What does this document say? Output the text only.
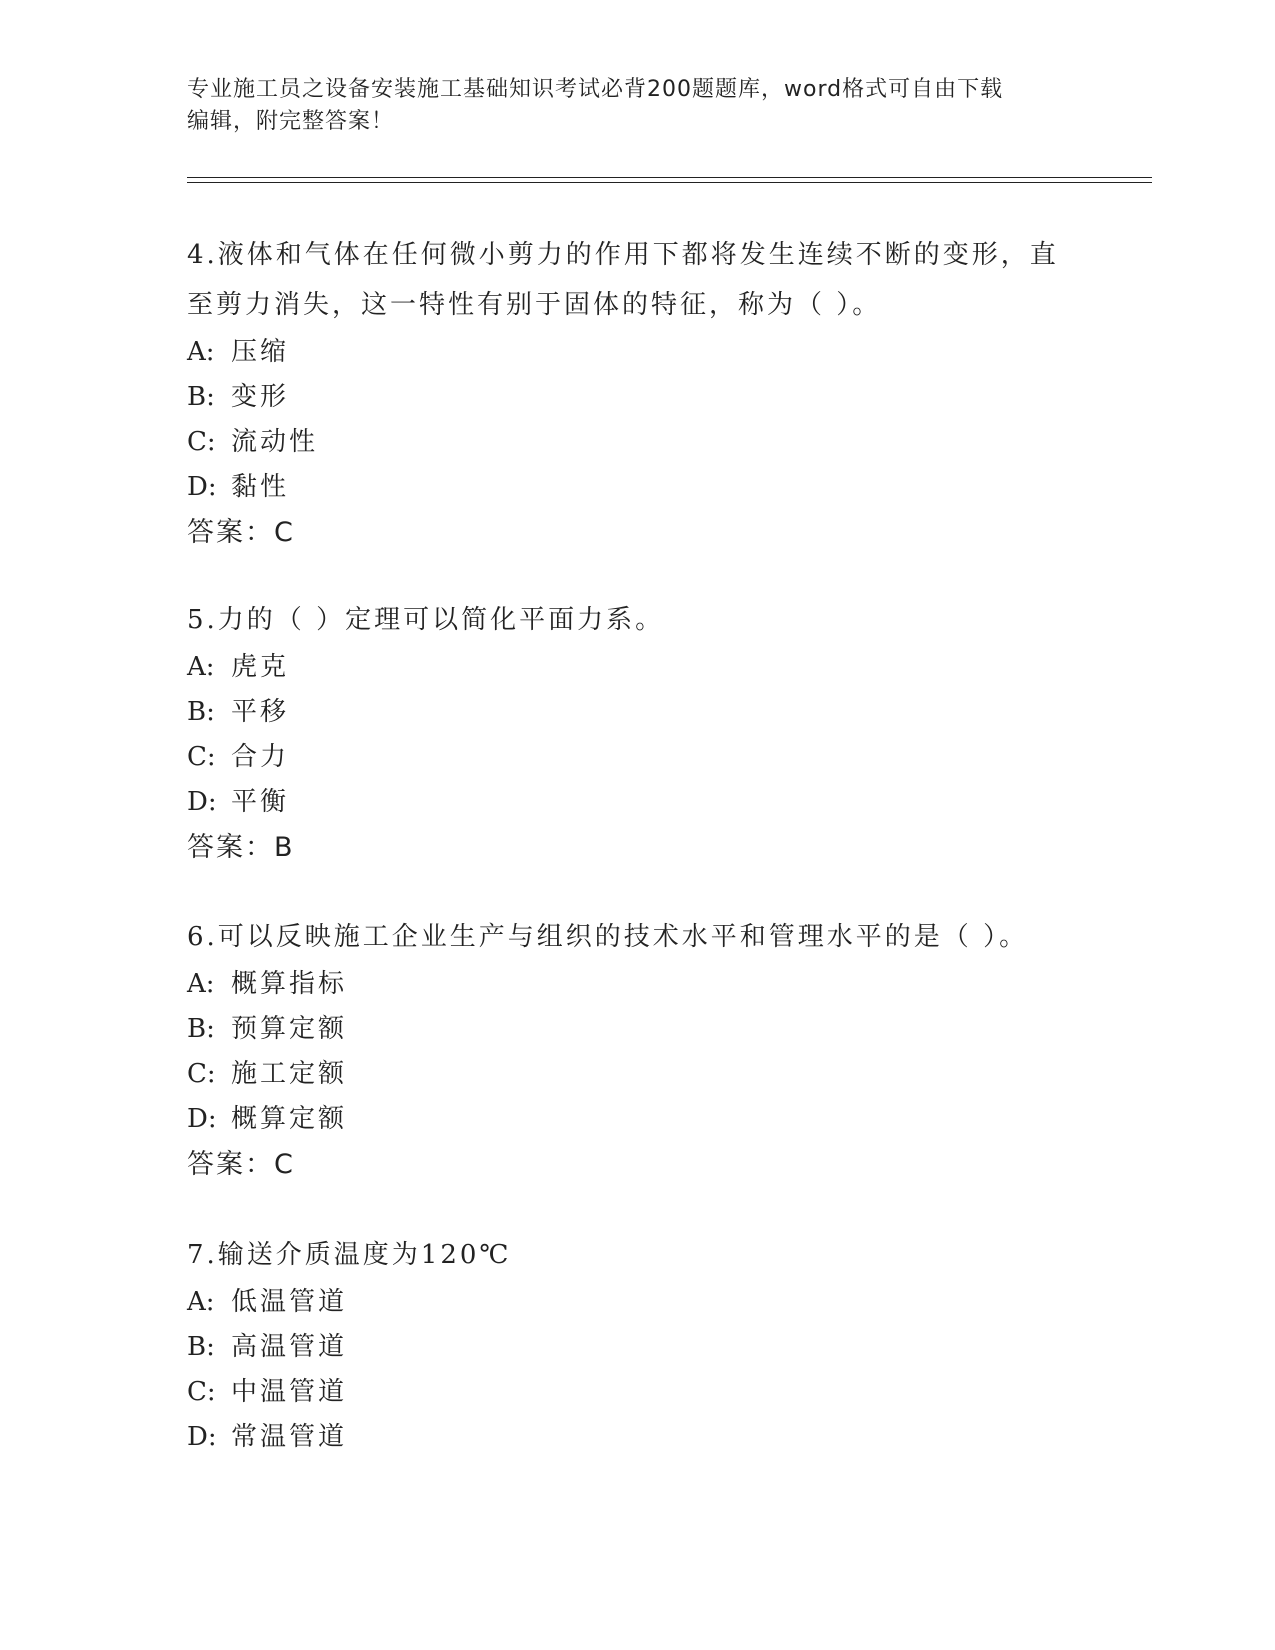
专业施工员之设备安装施工基础知识考试必背200题题库，word格式可自由下载
编辑，附完整答案！

4.液体和气体在任何微小剪力的作用下都将发生连续不断的变形，直

至剪力消失，这一特性有别于固体的特征，称为（ ）。

A: 压缩

B: 变形

C: 流动性

D: 黏性

答案：C

5.力的（ ）定理可以简化平面力系。

A: 虎克

B: 平移

C: 合力

D: 平衡

答案：B

6.可以反映施工企业生产与组织的技术水平和管理水平的是（ ）。

A: 概算指标

B: 预算定额

C: 施工定额

D: 概算定额

答案：C

7.输送介质温度为120℃

A: 低温管道

B: 高温管道

C: 中温管道

D: 常温管道
